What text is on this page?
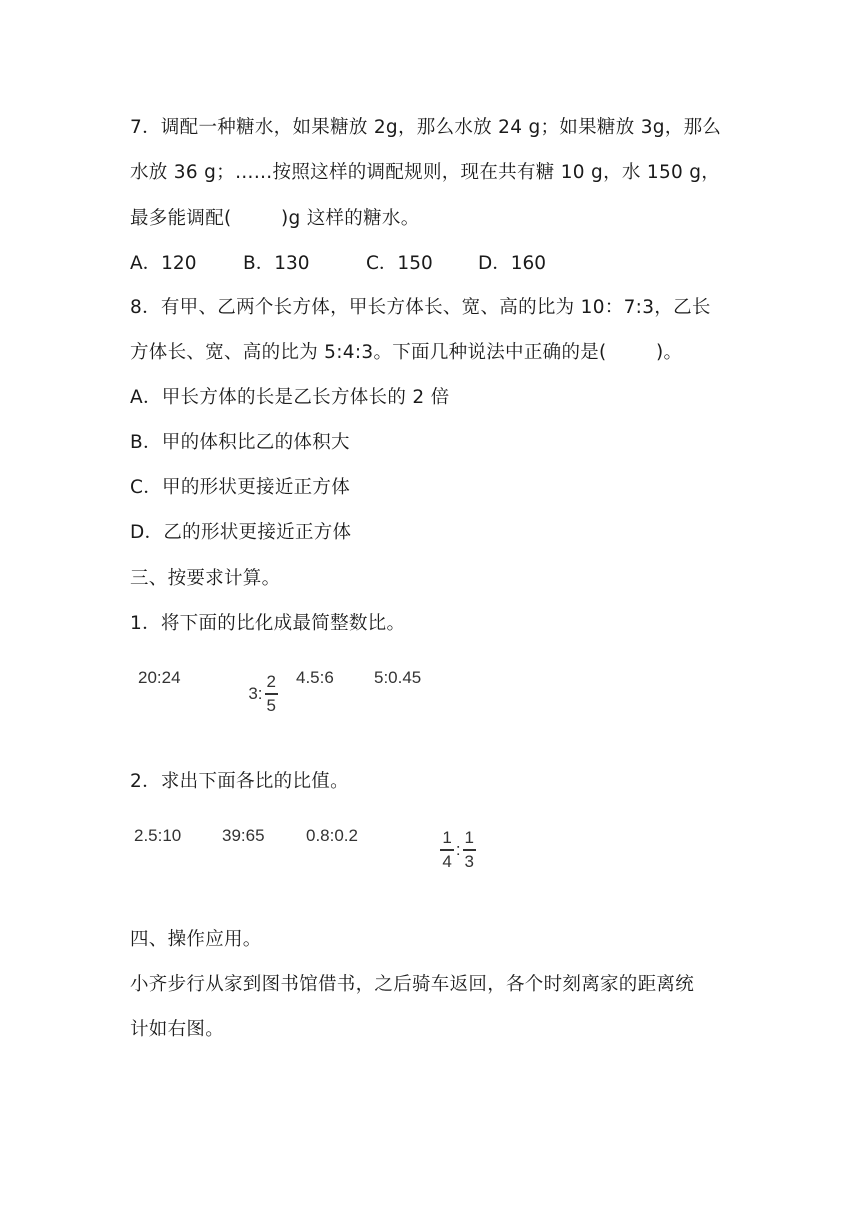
7．调配一种糖水，如果糖放 2g，那么水放 24 g；如果糖放 3g，那么
水放 36 g；……按照这样的调配规则，现在共有糖 10 g，水 150 g，
最多能调配(        )g 这样的糖水。

A．120

	B．130

	C．150

D．160

8．有甲、乙两个长方体，甲长方体长、宽、高的比为 10：7:3，乙长
方体长、宽、高的比为 5:4:3。下面几种说法中正确的是(        )。
A．甲长方体的长是乙长方体长的 2 倍
B．甲的体积比乙的体积大
C．甲的形状更接近正方体
D．乙的形状更接近正方体
三、按要求计算。
1．将下面的比化成最简整数比。
20:24

3: $\frac{2}{5}$

4.5:6 5:0.45
2．求出下面各比的比值。
2.5:10 39:65 0.8:0.2

	$\frac{1}{4}$ : $\frac{1}{3}$

四、操作应用。
小齐步行从家到图书馆借书，之后骑车返回，各个时刻离家的距离统
计如右图。
